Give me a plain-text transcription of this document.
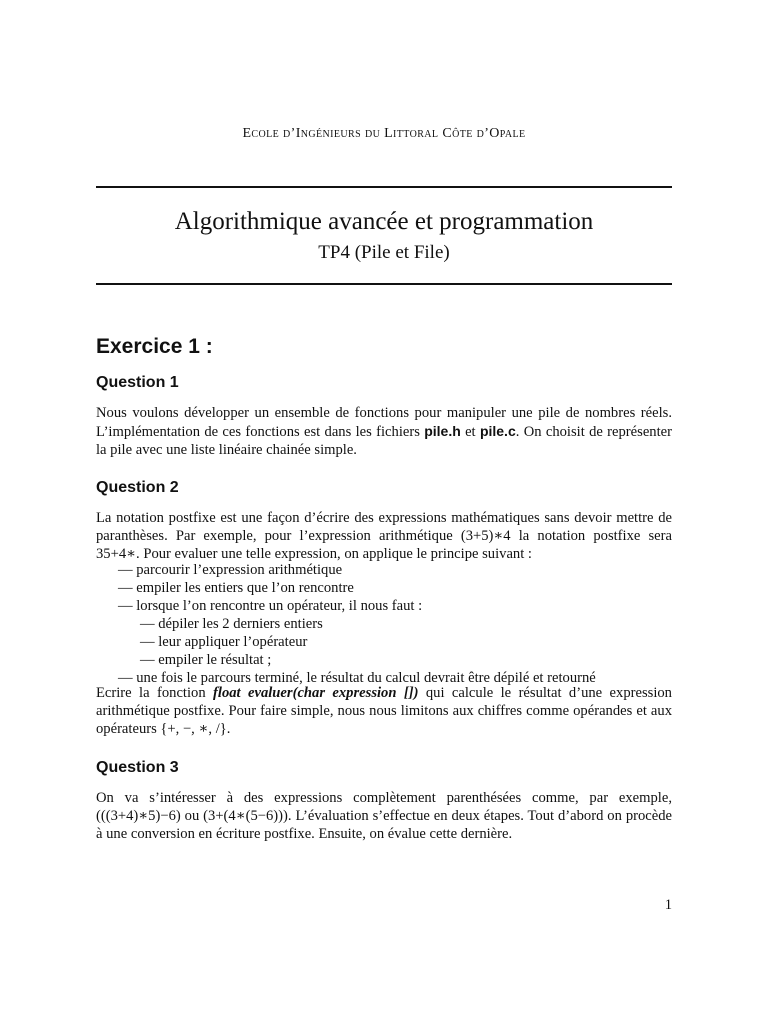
Ecole d’Ingénieurs du Littoral Côte d’Opale
Algorithmique avancée et programmation
TP4 (Pile et File)
Exercice 1 :
Question 1
Nous voulons développer un ensemble de fonctions pour manipuler une pile de nombres réels. L’implémentation de ces fonctions est dans les fichiers pile.h et pile.c. On choisit de représenter la pile avec une liste linéaire chainée simple.
Question 2
La notation postfixe est une façon d’écrire des expressions mathématiques sans devoir mettre de paranthèses. Par exemple, pour l’expression arithmétique (3+5)∗4 la notation postfixe sera 35+4∗. Pour evaluer une telle expression, on applique le principe suivant :
— parcourir l’expression arithmétique
— empiler les entiers que l’on rencontre
— lorsque l’on rencontre un opérateur, il nous faut :
— dépiler les 2 derniers entiers
— leur appliquer l’opérateur
— empiler le résultat ;
— une fois le parcours terminé, le résultat du calcul devrait être dépilé et retourné
Ecrire la fonction float evaluer(char expression []) qui calcule le résultat d’une expression arithmétique postfixe. Pour faire simple, nous nous limitons aux chiffres comme opérandes et aux opérateurs {+, −, ∗, /}.
Question 3
On va s’intéresser à des expressions complètement parenthésées comme, par exemple, (((3+4)∗5)−6) ou (3+(4∗(5−6))). L’évaluation s’effectue en deux étapes. Tout d’abord on procède à une conversion en écriture postfixe. Ensuite, on évalue cette dernière.
1
